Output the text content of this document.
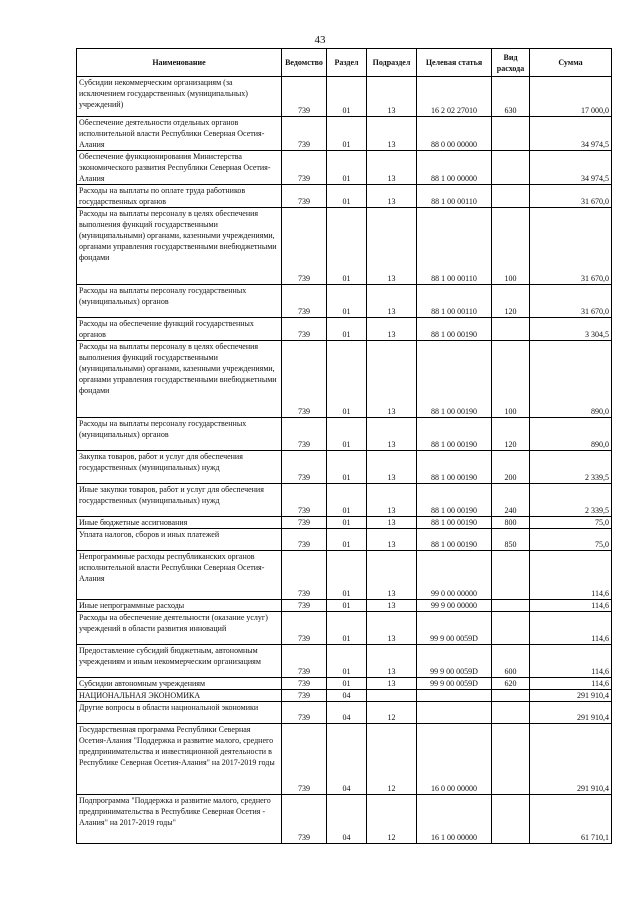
43
Наименование	Ведомство	Раздел	Подраздел	Целевая статья	Вид расхода	Сумма
Субсидии некоммерческим организациям (за исключением государственных (муниципальных) учреждений)	739	01	13	16 2 02 27010	630	17 000,0
Обеспечение деятельности отдельных органов исполнительной власти Республики Северная Осетия-Алания	739	01	13	88 0 00 00000		34 974,5
Обеспечение функционирования Министерства экономического развития Республики Северная Осетия-Алания	739	01	13	88 1 00 00000		34 974,5
Расходы на выплаты по оплате труда работников государственных органов	739	01	13	88 1 00 00110		31 670,0
Расходы на выплаты персоналу в целях обеспечения выполнения функций государственными (муниципальными) органами, казенными учреждениями, органами управления государственными внебюджетными фондами	739	01	13	88 1 00 00110	100	31 670,0
Расходы на выплаты персоналу государственных (муниципальных) органов	739	01	13	88 1 00 00110	120	31 670,0
Расходы на обеспечение функций государственных органов	739	01	13	88 1 00 00190		3 304,5
Расходы на выплаты персоналу в целях обеспечения выполнения функций государственными (муниципальными) органами, казенными учреждениями, органами управления государственными внебюджетными фондами	739	01	13	88 1 00 00190	100	890,0
Расходы на выплаты персоналу государственных (муниципальных) органов	739	01	13	88 1 00 00190	120	890,0
Закупка товаров, работ и услуг для обеспечения государственных (муниципальных) нужд	739	01	13	88 1 00 00190	200	2 339,5
Иные закупки товаров, работ и услуг для обеспечения государственных (муниципальных) нужд	739	01	13	88 1 00 00190	240	2 339,5
Иные бюджетные ассигнования	739	01	13	88 1 00 00190	800	75,0
Уплата налогов, сборов и иных платежей	739	01	13	88 1 00 00190	850	75,0
Непрограммные расходы республиканских органов исполнительной власти Республики Северная Осетия-Алания	739	01	13	99 0 00 00000		114,6
Иные непрограммные расходы	739	01	13	99 9 00 00000		114,6
Расходы на обеспечение деятельности (оказание услуг) учреждений в области развития инноваций	739	01	13	99 9 00 0059D		114,6
Предоставление субсидий бюджетным, автономным учреждениям и иным некоммерческим организациям	739	01	13	99 9 00 0059D	600	114,6
Субсидии автономным учреждениям	739	01	13	99 9 00 0059D	620	114,6
НАЦИОНАЛЬНАЯ ЭКОНОМИКА	739	04				291 910,4
Другие вопросы в области национальной экономики	739	04	12			291 910,4
Государственная программа Республики Северная Осетия-Алания "Поддержка и развитие малого, среднего предпринимательства и инвестиционной деятельности в Республике Северная Осетия-Алания" на 2017-2019 годы	739	04	12	16 0 00 00000		291 910,4
Подпрограмма "Поддержка и развитие малого, среднего предпринимательства в Республике Северная Осетия - Алания" на 2017-2019 годы"	739	04	12	16 1 00 00000		61 710,1
